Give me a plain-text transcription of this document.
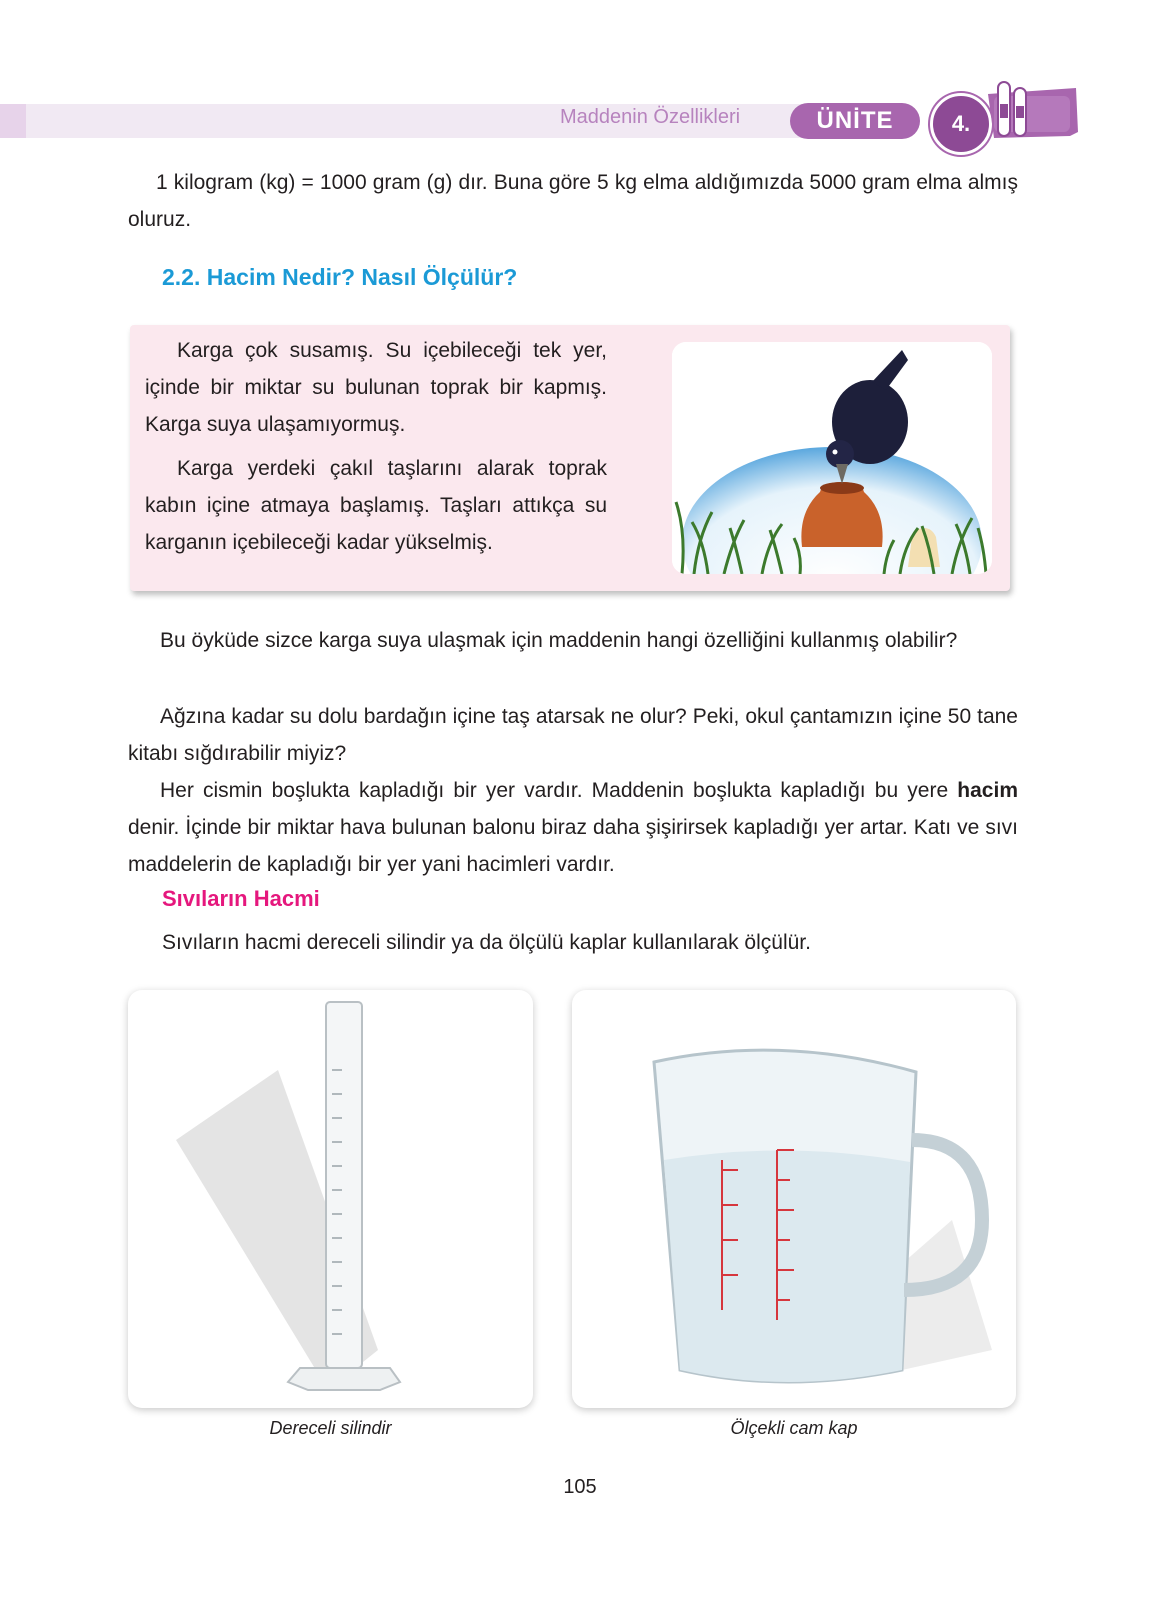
Maddenin Özellikleri	ÜNİTE	4.
1 kilogram (kg) = 1000 gram (g) dır. Buna göre 5 kg elma aldığımızda 5000 gram elma almış oluruz.
2.2. Hacim Nedir? Nasıl Ölçülür?
Karga çok susamış. Su içebileceği tek yer, içinde bir miktar su bulunan toprak bir kapmış. Karga suya ulaşamıyormuş.
Karga yerdeki çakıl taşlarını alarak toprak kabın içine atmaya başlamış. Taşları attıkça su karganın içebileceği kadar yükselmiş.
Bu öyküde sizce karga suya ulaşmak için maddenin hangi özelliğini kullanmış olabilir?
Ağzına kadar su dolu bardağın içine taş atarsak ne olur? Peki, okul çantamızın içine 50 tane kitabı sığdırabilir miyiz?
Her cismin boşlukta kapladığı bir yer vardır. Maddenin boşlukta kapladığı bu yere hacim denir. İçinde bir miktar hava bulunan balonu biraz daha şişirirsek kapladığı yer artar. Katı ve sıvı maddelerin de kapladığı bir yer yani hacimleri vardır.
Sıvıların Hacmi
Sıvıların hacmi dereceli silindir ya da ölçülü kaplar kullanılarak ölçülür.
Dereceli silindir	Ölçekli cam kap
105
